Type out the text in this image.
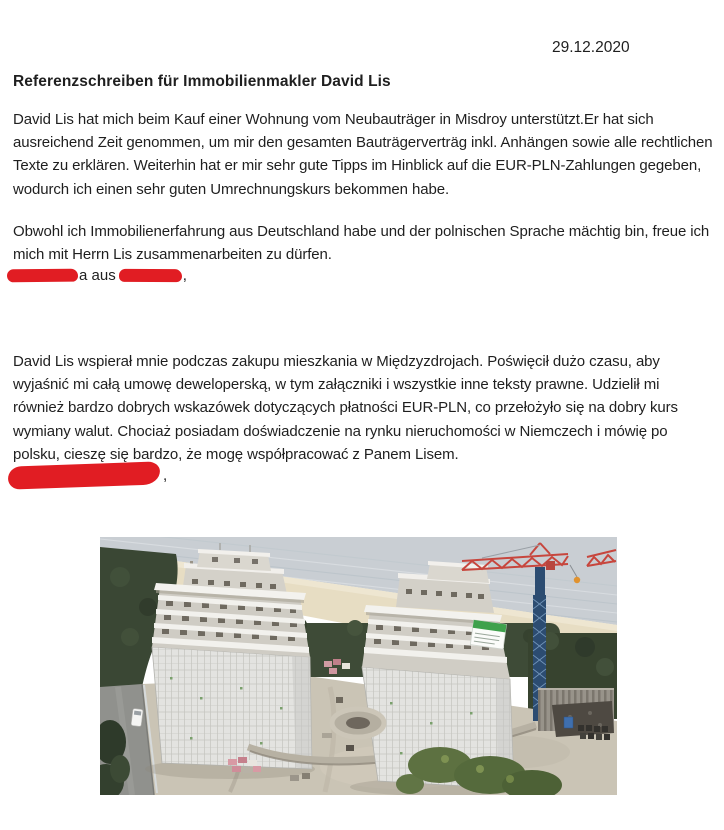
29.12.2020
Referenzschreiben für Immobilienmakler David Lis

David Lis hat mich beim Kauf einer Wohnung vom Neubauträger in Misdroy unterstützt.Er hat sich ausreichend Zeit genommen, um mir den gesamten Bauträgerverträg inkl. Anhängen sowie alle rechtlichen Texte zu erklären. Weiterhin hat er mir sehr gute Tipps im Hinblick auf die EUR-PLN-Zahlungen gegeben, wodurch ich einen sehr guten Umrechnungskurs bekommen habe.

Obwohl ich Immobilienerfahrung aus Deutschland habe und der polnischen Sprache mächtig bin, freue ich mich mit Herrn Lis zusammenarbeiten zu dürfen.

a aus	,

David Lis wspierał mnie podczas zakupu mieszkania w Międzyzdrojach. Poświęcił dużo czasu, aby wyjaśnić mi całą umowę deweloperską, w tym załączniki i wszystkie inne teksty prawne. Udzielił mi również bardzo dobrych wskazówek dotyczących płatności EUR-PLN, co przełożyło się na dobry kurs wymiany walut. Chociaż posiadam doświadczenie na rynku nieruchomości w Niemczech i mówię po polsku, cieszę się bardzo, że mogę współpracować z Panem Lisem.

,
